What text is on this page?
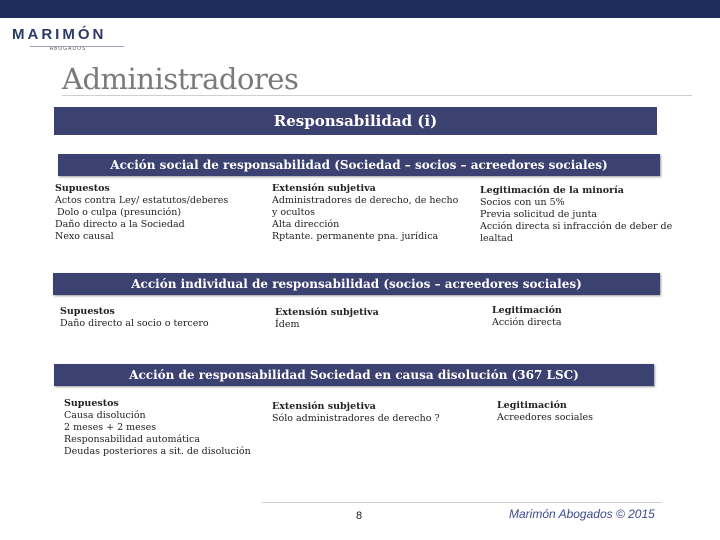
MARIMÓN
ABOGADOS
Administradores
Responsabilidad (i)
Acción social de responsabilidad (Sociedad – socios – acreedores sociales)
Supuestos
Actos contra Ley/ estatutos/deberes
Dolo o culpa (presunción)
Daño directo a la Sociedad
Nexo causal
Extensión subjetiva
Administradores de derecho, de hecho
y ocultos
Alta dirección
Rptante. permanente pna. jurídica
Legitimación de la minoría
Socios con un 5%
Previa solicitud de junta
Acción directa si infracción de deber de
lealtad
Acción individual de responsabilidad (socios – acreedores sociales)
Supuestos
Daño directo al socio o tercero
Extensión subjetiva
Ídem
Legitimación
Acción directa
Acción de responsabilidad Sociedad en causa disolución (367 LSC)
Supuestos
Causa disolución
2 meses + 2 meses
Responsabilidad automática
Deudas posteriores a sit. de disolución
Extensión subjetiva
Sólo administradores de derecho ?
Legitimación
Acreedores sociales
8	Marimón Abogados © 2015
